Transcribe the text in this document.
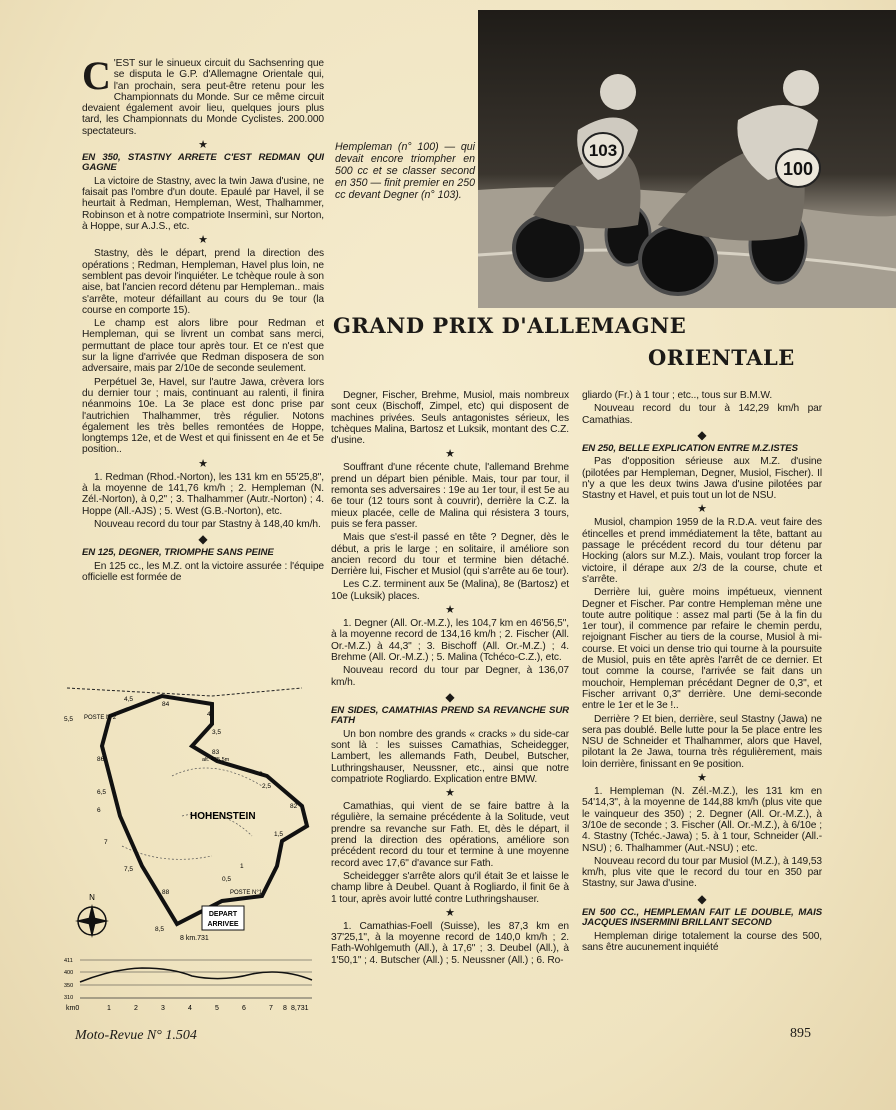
C 'EST sur le sinueux circuit du Sachsenring que se disputa le G.P. d'Allemagne Orientale qui, l'an prochain, sera peut-être retenu pour les Championnats du Monde. Sur ce même circuit devaient également avoir lieu, quelques jours plus tard, les Championnats du Monde Cyclistes. 200.000 spectateurs.

★

EN 350, STASTNY ARRETE C'EST REDMAN QUI GAGNE

La victoire de Stastny, avec la twin Jawa d'usine, ne faisait pas l'ombre d'un doute. Epaulé par Havel, il se heurtait à Redman, Hempleman, West, Thalhammer, Robinson et à notre compatriote Inserminì, sur Norton, à Hoppe, sur A.J.S., etc.

★

Stastny, dès le départ, prend la direction des opérations ; Redman, Hempleman, Havel plus loin, ne semblent pas devoir l'inquiéter. Le tchèque roule à son aise, bat l'ancien record détenu par Hempleman.. mais s'arrête, moteur défaillant au cours du 9e tour (la course en comporte 15).

Le champ est alors libre pour Redman et Hempleman, qui se livrent un combat sans merci, permuttant de place tour après tour. Et ce n'est que sur la ligne d'arrivée que Redman disposera de son adversaire, mais par 2/10e de seconde seulement.

Perpétuel 3e, Havel, sur l'autre Jawa, crèvera lors du dernier tour ; mais, continuant au ralenti, il finira néanmoins 10e. La 3e place est donc prise par l'autrichien Thalhammer, très régulier. Notons également les très belles remontées de Hoppe, longtemps 12e, et de West et qui finissent en 4e et 5e position..

★

1. Redman (Rhod.-Norton), les 131 km en 55'25,8", à la moyenne de 141,76 km/h ; 2. Hempleman (N. Zél.-Norton), à 0,2" ; 3. Thalhammer (Autr.-Norton) ; 4. Hoppe (All.-AJS) ; 5. West (G.B.-Norton), etc.

Nouveau record du tour par Stastny à 148,40 km/h.

◆

EN 125, DEGNER, TRIOMPHE SANS PEINE

En 125 cc., les M.Z. ont la victoire assurée : l'équipe officielle est formée de

103
100
Hempleman (n° 100) — qui devait encore triompher en 500 cc et se classer second en 350 — finit premier en 250 cc devant Degner (n° 103).
GRAND PRIX D'ALLEMAGNE
ORIENTALE

Degner, Fischer, Brehme, Musiol, mais nombreux sont ceux (Bischoff, Zimpel, etc) qui disposent de machines privées. Seuls antagonistes sérieux, les tchèques Malina, Bartosz et Luksik, montant des C.Z. d'usine.

★

Souffrant d'une récente chute, l'allemand Brehme prend un départ bien pénible. Mais, tour par tour, il remonta ses adversaires : 19e au 1er tour, il est 5e au 6e tour (12 tours sont à couvrir), derrière la C.Z. la mieux placée, celle de Malina qui résistera 3 tours, puis se fera passer.

Mais que s'est-il passé en tête ? Degner, dès le début, a pris le large ; en solitaire, il améliore son ancien record du tour et termine bien détaché. Derrière lui, Fischer et Musiol (qui s'arrête au 6e tour).

Les C.Z. terminent aux 5e (Malina), 8e (Bartosz) et 10e (Luksik) places.

★

1. Degner (All. Or.-M.Z.), les 104,7 km en 46'56,5", à la moyenne record de 134,16 km/h ; 2. Fischer (All. Or.-M.Z.) à 44,3" ; 3. Bischoff (All. Or.-M.Z.) ; 4. Brehme (All. Or.-M.Z.) ; 5. Malina (Tchéco-C.Z.), etc.

Nouveau record du tour par Degner, à 136,07 km/h.

◆

EN SIDES, CAMATHIAS PREND SA REVANCHE SUR FATH

Un bon nombre des grands « cracks » du side-car sont là : les suisses Camathias, Scheidegger, Lambert, les allemands Fath, Deubel, Butscher, Luthringshauser, Neussner, etc., ainsi que notre compatriote Rogliardo. Explication entre BMW.

★

Camathias, qui vient de se faire battre à la régulière, la semaine précédente à la Solitude, veut prendre sa revanche sur Fath. Et, dès le départ, il prend la direction des opérations, améliore son précédent record du tour et termine à une moyenne record avec 17,6" d'avance sur Fath.

Scheidegger s'arrête alors qu'il était 3e et laisse le champ libre à Deubel. Quant à Rogliardo, il finit 6e à 1 tour, après avoir lutté contre Luthringshauser.

★

1. Camathias-Foell (Suisse), les 87,3 km en 37'25,1", à la moyenne record de 140,0 km/h ; 2. Fath-Wohlgemuth (All.), à 17,6" ; 3. Deubel (All.), à 1'50,1" ; 4. Butscher (All.) ; 5. Neussner (All.) ; 6. Ro-

gliardo (Fr.) à 1 tour ; etc.., tous sur B.M.W.

Nouveau record du tour à 142,29 km/h par Camathias.

◆

EN 250, BELLE EXPLICATION ENTRE M.Z.ISTES

Pas d'opposition sérieuse aux M.Z. d'usine (pilotées par Hempleman, Degner, Musiol, Fischer). Il n'y a que les deux twins Jawa d'usine pilotées par Stastny et Havel, et puis tout un lot de NSU.

★

Musiol, champion 1959 de la R.D.A. veut faire des étincelles et prend immédiatement la tête, battant au passage le précédent record du tour détenu par Hocking (alors sur M.Z.). Mais, voulant trop forcer la victoire, il dérape aux 2/3 de la course, chute et s'arrête.

Derrière lui, guère moins impétueux, viennent Degner et Fischer. Par contre Hempleman mène une toute autre politique : assez mal parti (5e à la fin du 1er tour), il commence par refaire le chemin perdu, rejoignant Fischer au tiers de la course, Musiol à mi-course. Et voici un dense trio qui tourne à la poursuite de Musiol, puis en tête après l'arrêt de ce dernier. Et tout comme la course, l'arrivée se fait dans un mouchoir, Hempleman précédant Degner de 0,3", et Fischer arrivant 0,3" derrière. Une demi-seconde entre le 1er et le 3e !..

Derrière ? Et bien, derrière, seul Stastny (Jawa) ne sera pas doublé. Belle lutte pour la 5e place entre les NSU de Schneider et Thalhammer, alors que Havel, pilotant la 2e Jawa, tourna très régulièrement, mais loin derrière, finissant en 9e position.

★

1. Hempleman (N. Zél.-M.Z.), les 131 km en 54'14,3", à la moyenne de 144,88 km/h (plus vite que le vainqueur des 350) ; 2. Degner (All. Or.-M.Z.), à 3/10e de seconde ; 3. Fischer (All. Or.-M.Z.), à 6/10e ; 4. Stastny (Tchéc.-Jawa) ; 5. à 1 tour, Schneider (All.-NSU) ; 6. Thalhammer (Aut.-NSU) ; etc.

Nouveau record du tour par Musiol (M.Z.), à 149,53 km/h, plus vite que le record du tour en 350 par Stastny, sur Jawa d'usine.

◆

EN 500 CC., HEMPLEMAN FAIT LE DOUBLE, MAIS JACQUES INSERMINI BRILLANT SECOND

Hempleman dirige totalement la course des 500, sans être aucunement inquiété

HOHENSTEIN
POSTE N°2
POSTE N°1
DEPART
ARRIVEE
alt. 435,5m
8 km.731
N
4,5
84
5,5
4
3,5
86
83
3
6,5
2,5
82
6
1,5
7
7,5	1
88
0,5
8,5
411
400
350
310
km0	1	2	3	4	5	6	7 8 8,731
Moto-Revue N° 1.504	895
